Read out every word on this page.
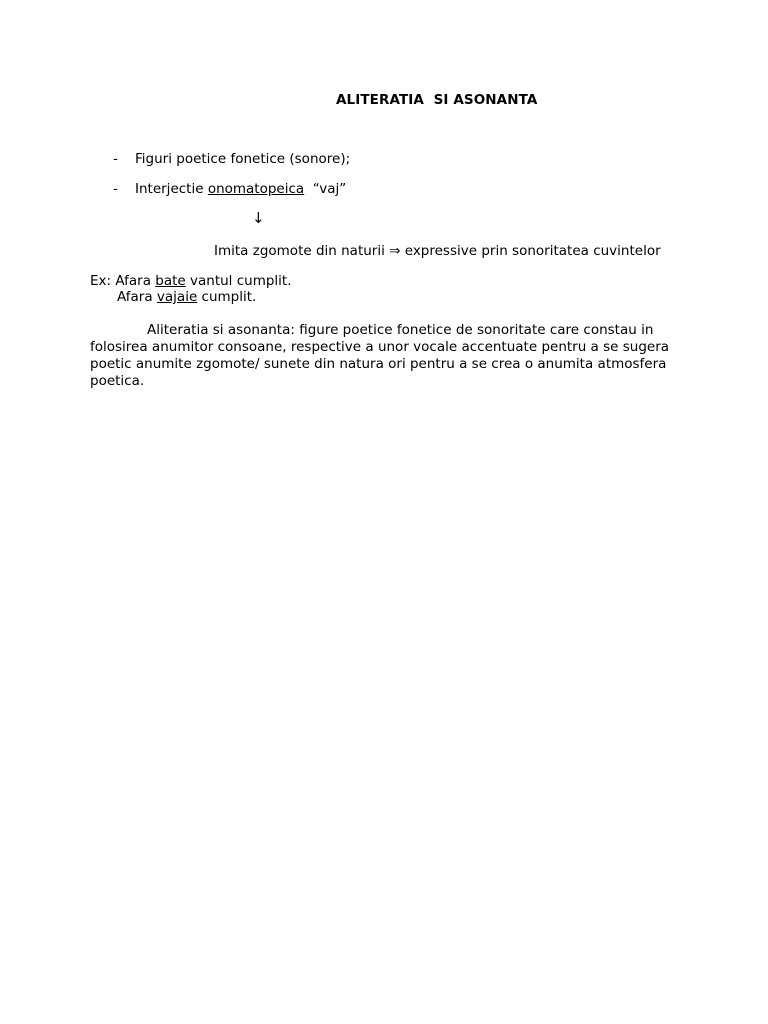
ALITERATIA  SI ASONANTA
- Figuri poetice fonetice (sonore);
- Interjectie onomatopeica  “vaj”
↓
Imita zgomote din naturii ⇒ expressive prin sonoritatea cuvintelor
Ex: Afara bate vantul cumplit.
Afara vajaie cumplit.
Aliteratia si asonanta: figure poetice fonetice de sonoritate care constau in folosirea anumitor consoane, respective a unor vocale accentuate pentru a se sugera poetic anumite zgomote/ sunete din natura ori pentru a se crea o anumita atmosfera poetica.
